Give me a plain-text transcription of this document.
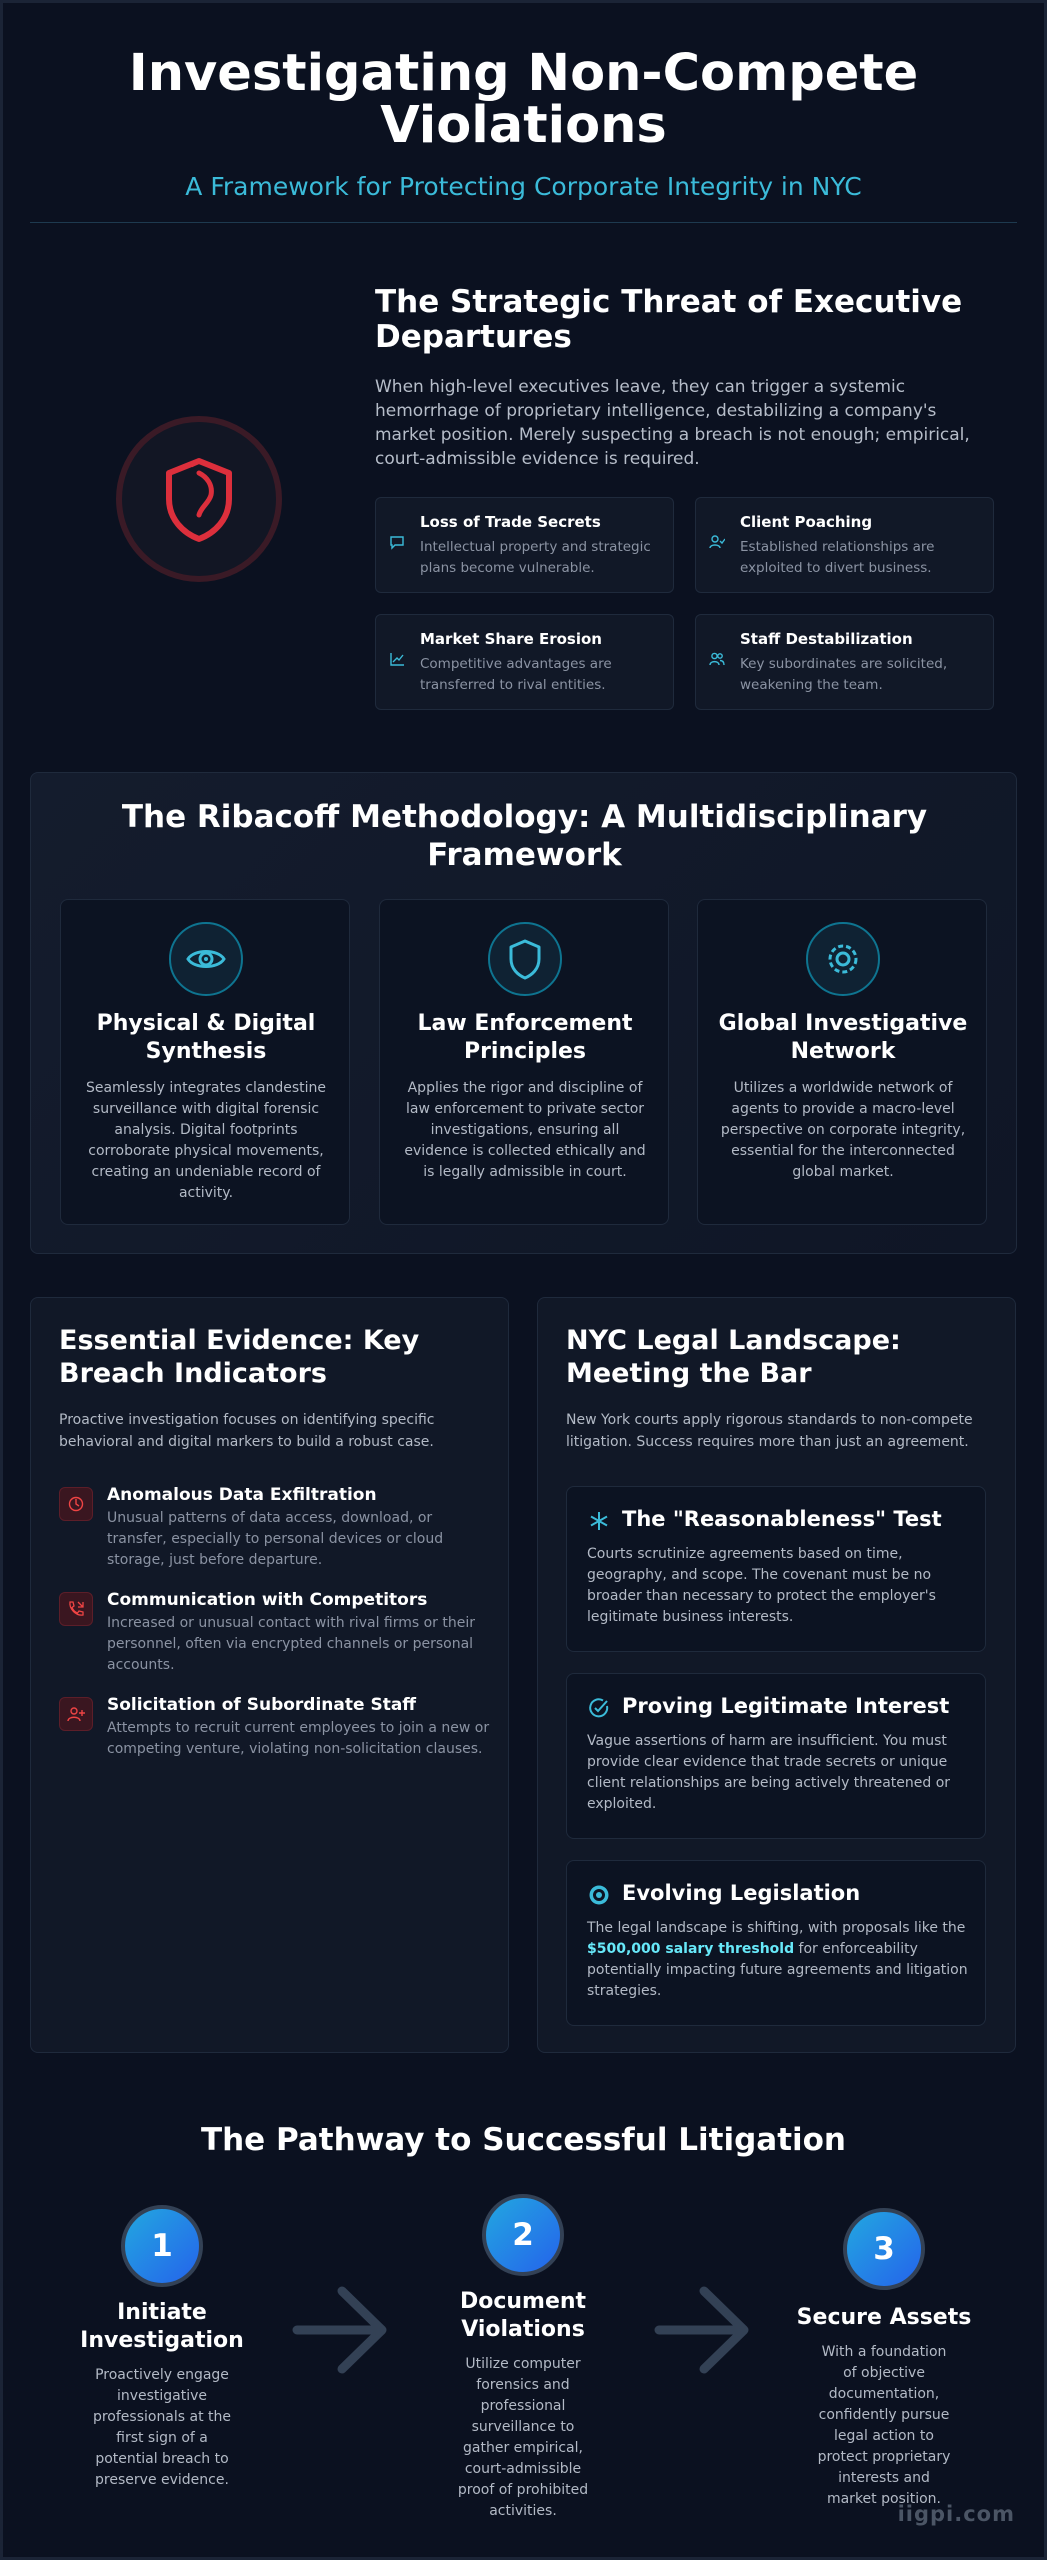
Investigating Non-Compete
Violations
A Framework for Protecting Corporate Integrity in NYC
The Strategic Threat of Executive Departures
When high-level executives leave, they can trigger a systemic hemorrhage of proprietary intelligence, destabilizing a company's market position. Merely suspecting a breach is not enough; empirical, court-admissible evidence is required.
Loss of Trade Secrets
Intellectual property and strategic plans become vulnerable.
Client Poaching
Established relationships are exploited to divert business.
Market Share Erosion
Competitive advantages are transferred to rival entities.
Staff Destabilization
Key subordinates are solicited, weakening the team.
The Ribacoff Methodology: A Multidisciplinary
Framework
Physical & Digital Synthesis
Seamlessly integrates clandestine surveillance with digital forensic analysis. Digital footprints corroborate physical movements, creating an undeniable record of activity.
Law Enforcement Principles
Applies the rigor and discipline of law enforcement to private sector investigations, ensuring all evidence is collected ethically and is legally admissible in court.
Global Investigative Network
Utilizes a worldwide network of agents to provide a macro-level perspective on corporate integrity, essential for the interconnected global market.
Essential Evidence: Key Breach Indicators
Proactive investigation focuses on identifying specific behavioral and digital markers to build a robust case.
Anomalous Data Exfiltration
Unusual patterns of data access, download, or transfer, especially to personal devices or cloud storage, just before departure.
Communication with Competitors
Increased or unusual contact with rival firms or their personnel, often via encrypted channels or personal accounts.
Solicitation of Subordinate Staff
Attempts to recruit current employees to join a new or competing venture, violating non-solicitation clauses.
NYC Legal Landscape: Meeting the Bar
New York courts apply rigorous standards to non-compete litigation. Success requires more than just an agreement.
The "Reasonableness" Test
Courts scrutinize agreements based on time, geography, and scope. The covenant must be no broader than necessary to protect the employer's legitimate business interests.
Proving Legitimate Interest
Vague assertions of harm are insufficient. You must provide clear evidence that trade secrets or unique client relationships are being actively threatened or exploited.
Evolving Legislation
The legal landscape is shifting, with proposals like the $500,000 salary threshold for enforceability potentially impacting future agreements and litigation strategies.
The Pathway to Successful Litigation
1
Initiate Investigation
Proactively engage investigative professionals at the first sign of a potential breach to preserve evidence.
2
Document Violations
Utilize computer forensics and professional surveillance to gather empirical, court-admissible proof of prohibited activities.
3
Secure Assets
With a foundation of objective documentation, confidently pursue legal action to protect proprietary interests and market position.
iigpi.com
